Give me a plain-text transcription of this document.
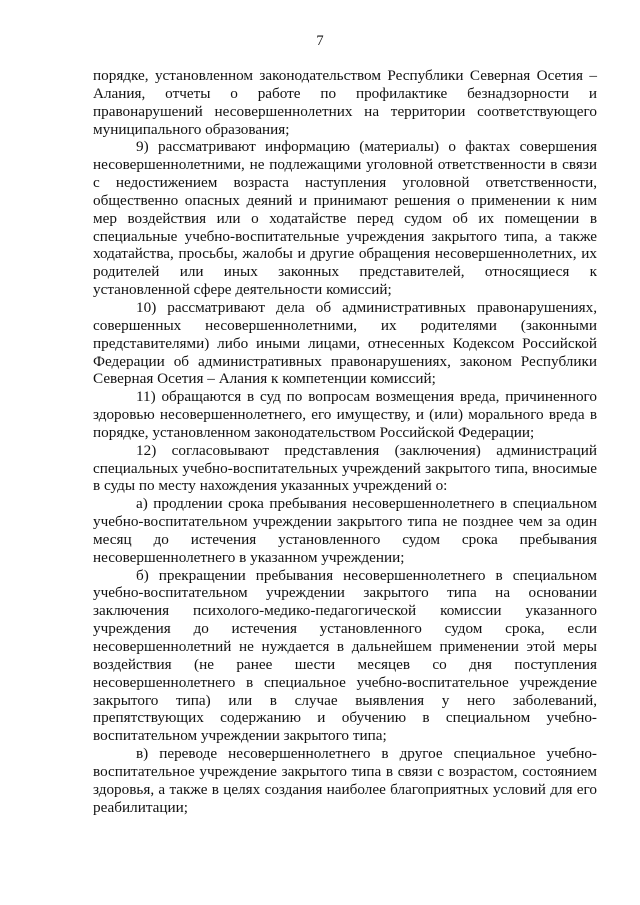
7

порядке, установленном законодательством Республики Северная Осетия – Алания, отчеты о работе по профилактике безнадзорности и правонарушений несовершеннолетних на территории соответствующего муниципального образования;

9) рассматривают информацию (материалы) о фактах совершения несовершеннолетними, не подлежащими уголовной ответственности в связи с недостижением возраста наступления уголовной ответственности, общественно опасных деяний и принимают решения о применении к ним мер воздействия или о ходатайстве перед судом об их помещении в специальные учебно-воспитательные учреждения закрытого типа, а также ходатайства, просьбы, жалобы и другие обращения несовершеннолетних, их родителей или иных законных представителей, относящиеся к установленной сфере деятельности комиссий;

10) рассматривают дела об административных правонарушениях, совершенных несовершеннолетними, их родителями (законными представителями) либо иными лицами, отнесенных Кодексом Российской Федерации об административных правонарушениях, законом Республики Северная Осетия – Алания к компетенции комиссий;

11) обращаются в суд по вопросам возмещения вреда, причиненного здоровью несовершеннолетнего, его имуществу, и (или) морального вреда в порядке, установленном законодательством Российской Федерации;

12) согласовывают представления (заключения) администраций специальных учебно-воспитательных учреждений закрытого типа, вносимые в суды по месту нахождения указанных учреждений о:

а) продлении срока пребывания несовершеннолетнего в специальном учебно-воспитательном учреждении закрытого типа не позднее чем за один месяц до истечения установленного судом срока пребывания несовершеннолетнего в указанном учреждении;

б) прекращении пребывания несовершеннолетнего в специальном учебно-воспитательном учреждении закрытого типа на основании заключения психолого-медико-педагогической комиссии указанного учреждения до истечения установленного судом срока, если несовершеннолетний не нуждается в дальнейшем применении этой меры воздействия (не ранее шести месяцев со дня поступления несовершеннолетнего в специальное учебно-воспитательное учреждение закрытого типа) или в случае выявления у него заболеваний, препятствующих содержанию и обучению в специальном учебно-воспитательном учреждении закрытого типа;

в) переводе несовершеннолетнего в другое специальное учебно-воспитательное учреждение закрытого типа в связи с возрастом, состоянием здоровья, а также в целях создания наиболее благоприятных условий для его реабилитации;
